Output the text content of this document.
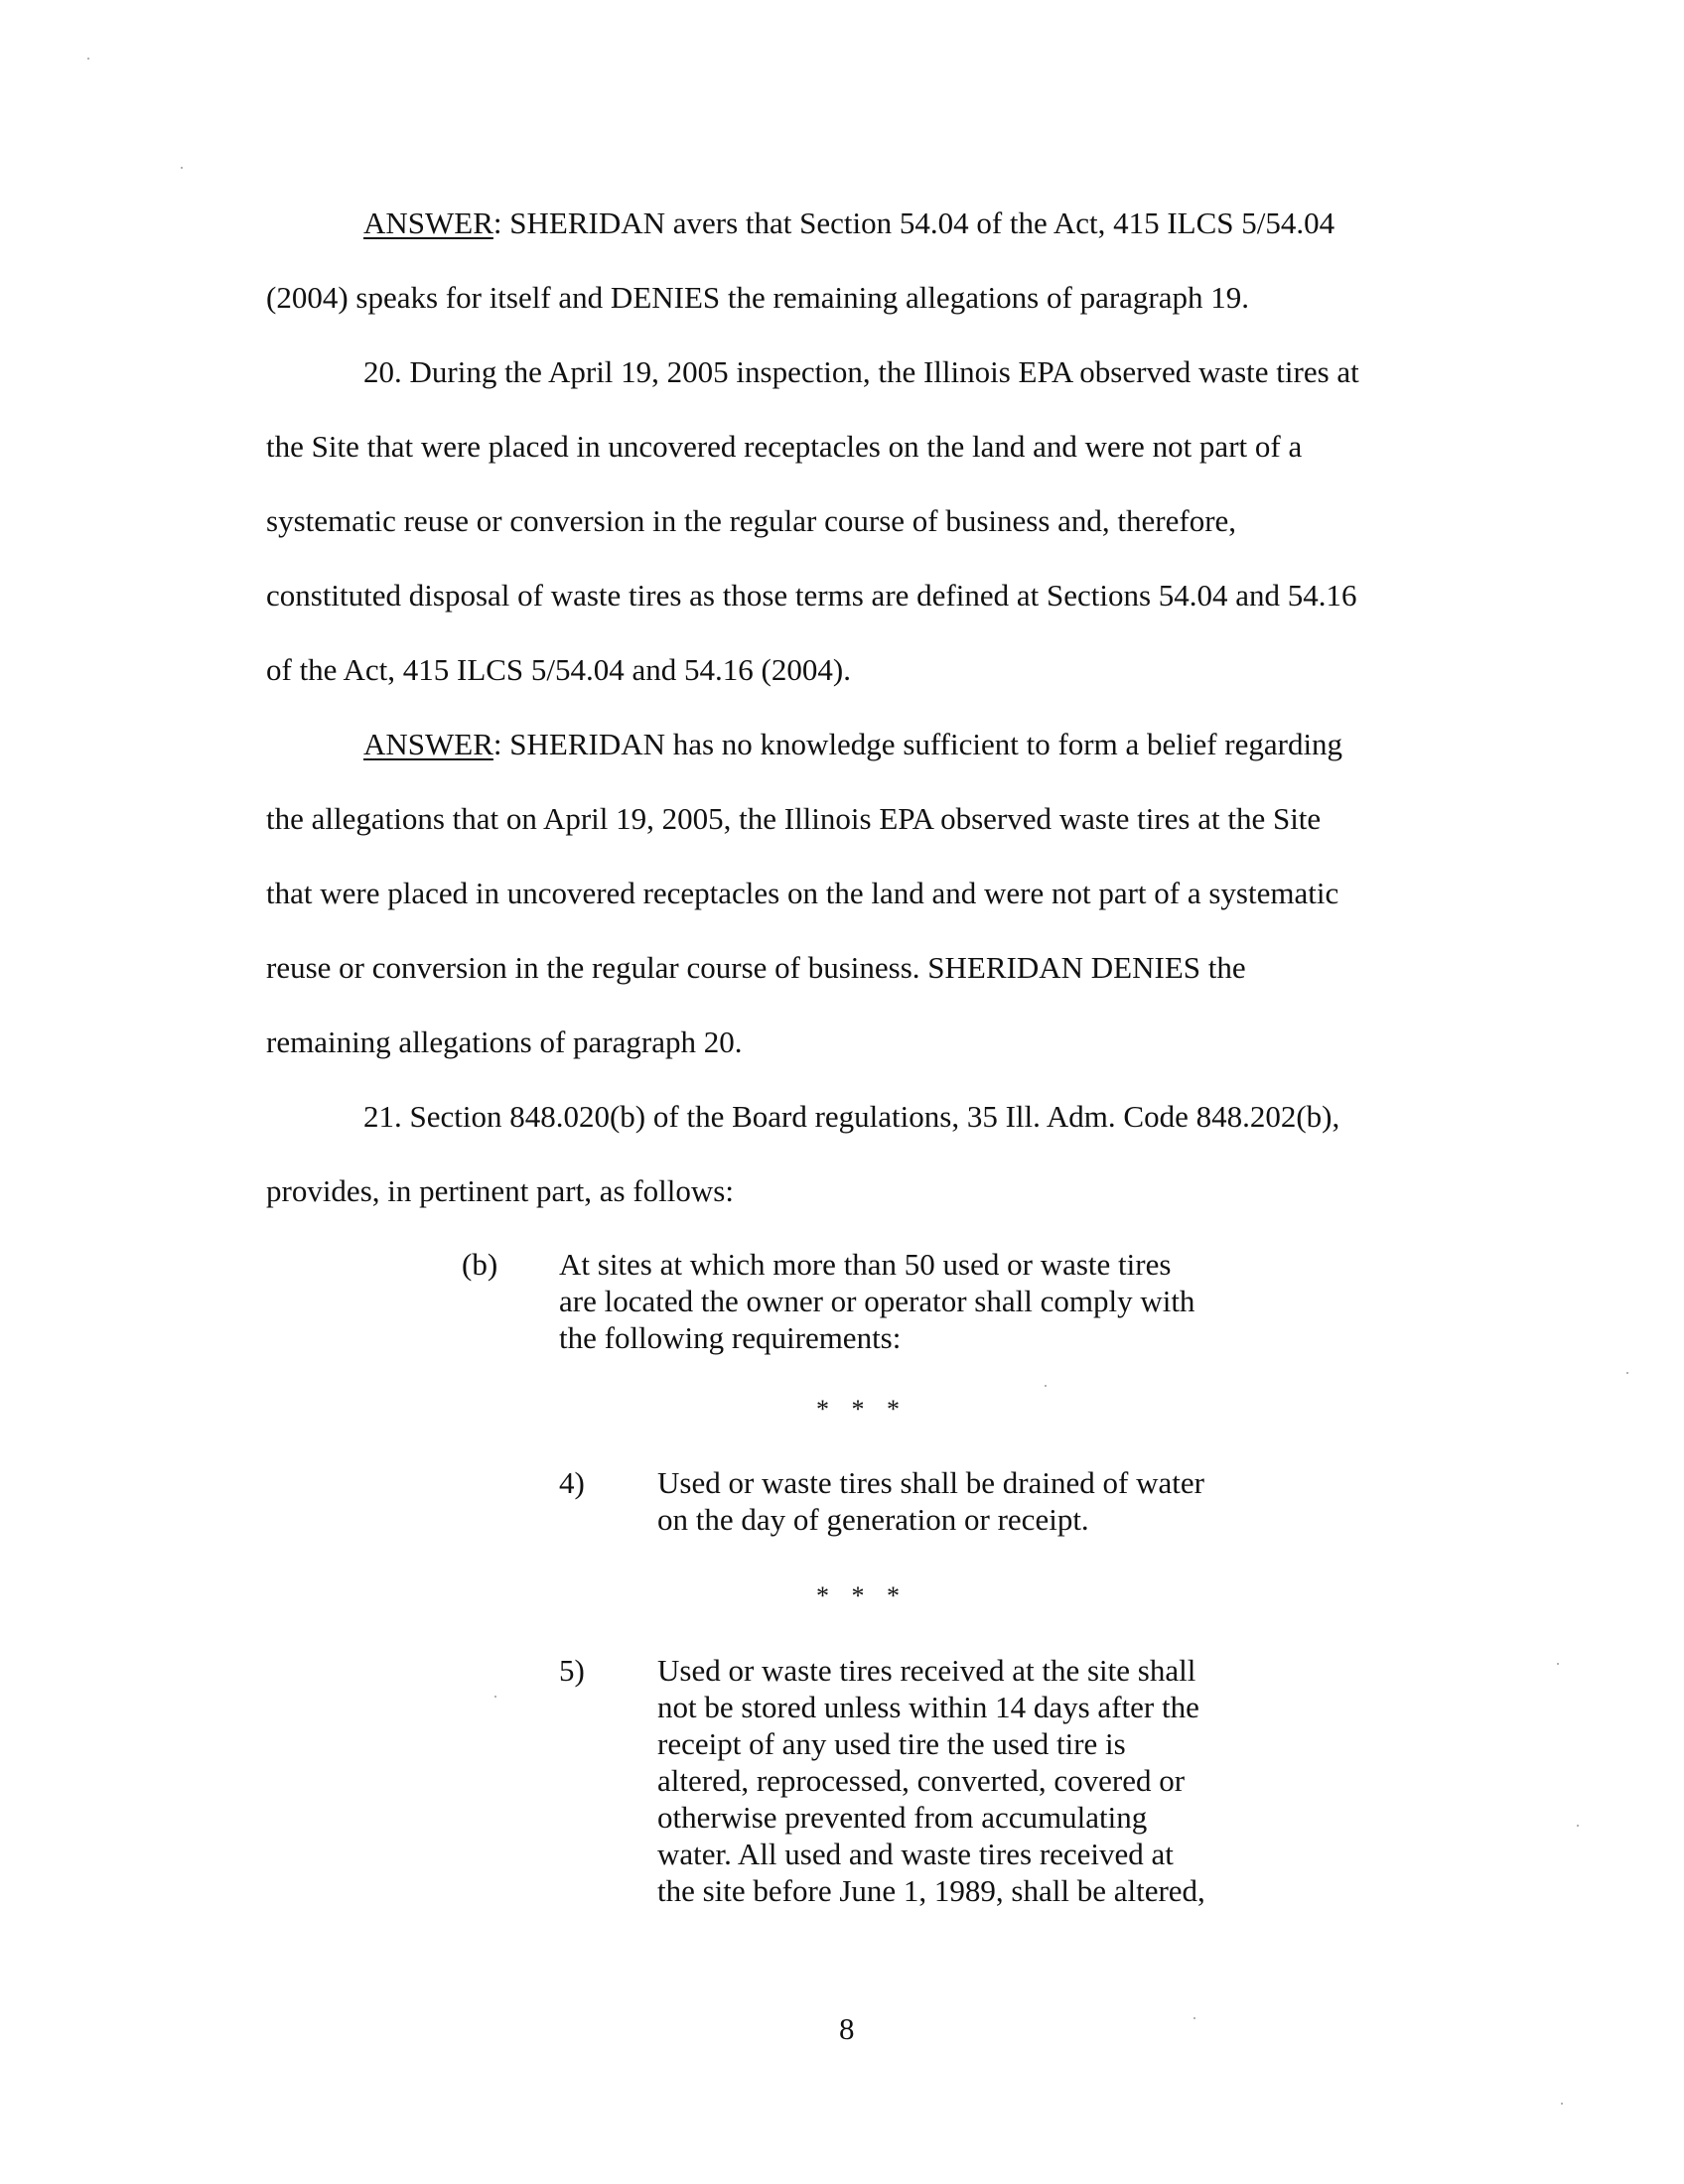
ANSWER: SHERIDAN avers that Section 54.04 of the Act, 415 ILCS 5/54.04
(2004) speaks for itself and DENIES the remaining allegations of paragraph 19.
20. During the April 19, 2005 inspection, the Illinois EPA observed waste tires at
the Site that were placed in uncovered receptacles on the land and were not part of a
systematic reuse or conversion in the regular course of business and, therefore,
constituted disposal of waste tires as those terms are defined at Sections 54.04 and 54.16
of the Act, 415 ILCS 5/54.04 and 54.16 (2004).
ANSWER: SHERIDAN has no knowledge sufficient to form a belief regarding
the allegations that on April 19, 2005, the Illinois EPA observed waste tires at the Site
that were placed in uncovered receptacles on the land and were not part of a systematic
reuse or conversion in the regular course of business. SHERIDAN DENIES the
remaining allegations of paragraph 20.
21. Section 848.020(b) of the Board regulations, 35 Ill. Adm. Code 848.202(b),
provides, in pertinent part, as follows:
(b) At sites at which more than 50 used or waste tires
are located the owner or operator shall comply with
the following requirements:
* * *
4) Used or waste tires shall be drained of water
on the day of generation or receipt.
* * *
5) Used or waste tires received at the site shall
not be stored unless within 14 days after the
receipt of any used tire the used tire is
altered, reprocessed, converted, covered or
otherwise prevented from accumulating
water. All used and waste tires received at
the site before June 1, 1989, shall be altered,
8
